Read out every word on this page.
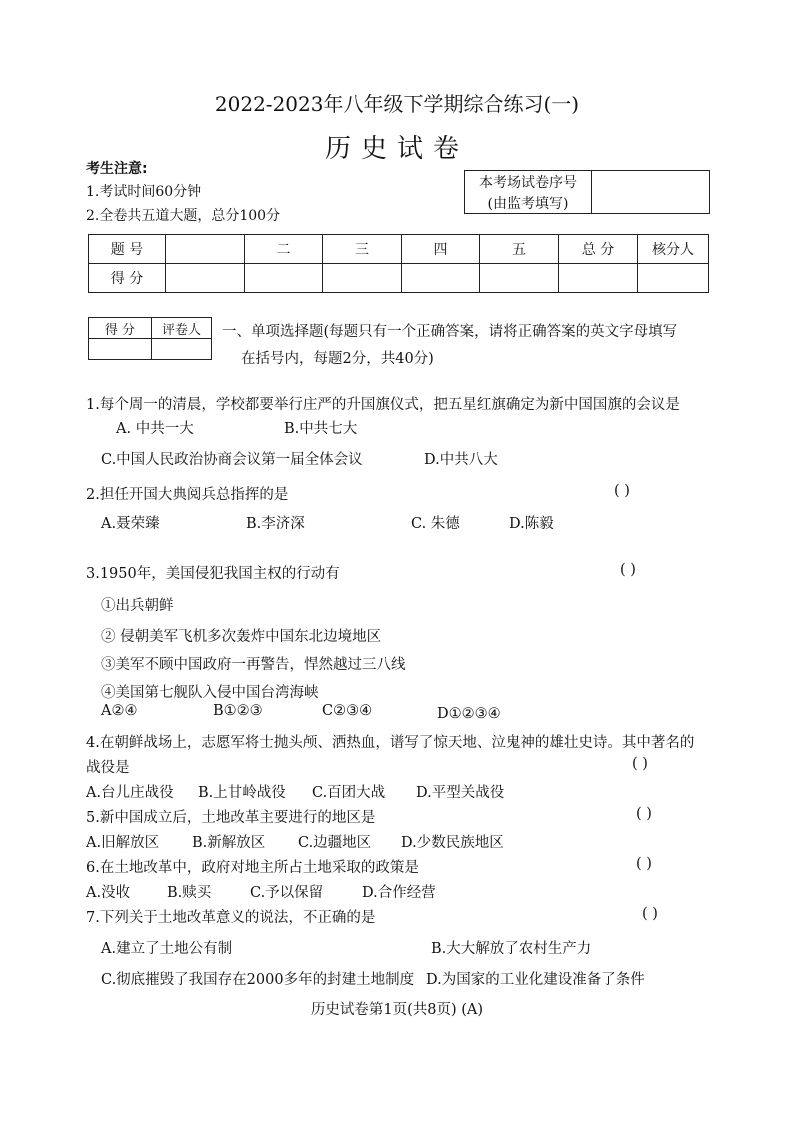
2022-2023年八年级下学期综合练习(一)
历史试卷
考生注意:
1.考试时间60分钟
2.全卷共五道大题，总分100分
本考场试卷序号	
(由监考填写)
题 号		二	三	四	五	总 分	核分人
得 分							
得 分	评卷人
	一、单项选择题(每题只有一个正确答案，请将正确答案的英文字母填写
在括号内，每题2分，共40分)
1.每个周一的清晨，学校都要举行庄严的升国旗仪式，把五星红旗确定为新中国国旗的会议是
A. 中共一大	B.中共七大
C.中国人民政治协商会议第一届全体会议	D.中共八大
2.担任开国大典阅兵总指挥的是	( )
A.聂荣臻	B.李济深	C. 朱德	D.陈毅
3.1950年，美国侵犯我国主权的行动有	( )
①出兵朝鲜
② 侵朝美军飞机多次轰炸中国东北边境地区
③美军不顾中国政府一再警告，悍然越过三八线
④美国第七舰队入侵中国台湾海峡
A②④	B①②③	C②③④	D①②③④
4.在朝鲜战场上，志愿军将士抛头颅、洒热血，谱写了惊天地、泣鬼神的雄壮史诗。其中著名的
战役是	( )
A.台儿庄战役 B.上甘岭战役 C.百团大战 D.平型关战役
5.新中国成立后，土地改革主要进行的地区是	( )
A.旧解放区 B.新解放区 C.边疆地区 D.少数民族地区
6.在土地改革中，政府对地主所占土地采取的政策是	( )
A.没收	B.赎买	C.予以保留	D.合作经营
7.下列关于土地改革意义的说法，不正确的是	( )
A.建立了土地公有制	B.大大解放了农村生产力
C.彻底摧毁了我国存在2000多年的封建土地制度 D.为国家的工业化建设准备了条件
历史试卷第1页(共8页) (A)
